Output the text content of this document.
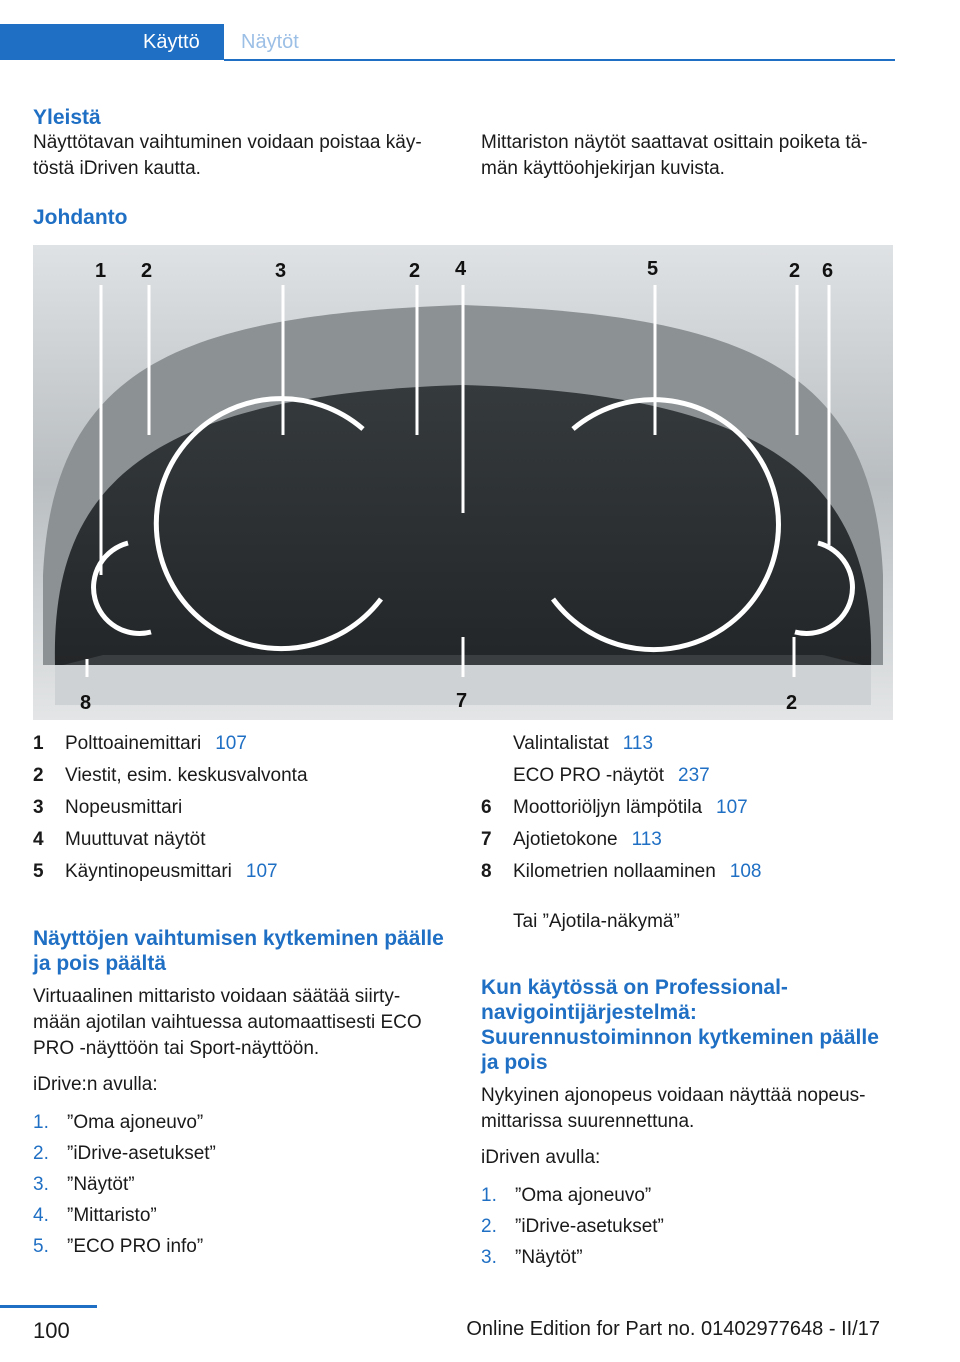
Käyttö	Näytöt
Yleistä
Näyttötavan vaihtuminen voidaan poistaa käy‐ töstä iDriven kautta.
Mittariston näytöt saattavat osittain poiketa tä‐ män käyttöohjekirjan kuvista.
Johdanto
1 2	3	2 4	5	2 6
8	7	2
1	Polttoainemittari 107
2	Viestit, esim. keskusvalvonta
3	Nopeusmittari
4	Muuttuvat näytöt
5	Käyntinopeusmittari 107
Valintalistat 113
ECO PRO -näytöt 237
6	Moottoriöljyn lämpötila 107
7	Ajotietokone 113
8	Kilometrien nollaaminen 108
Tai ”Ajotila-näkymä”
Näyttöjen vaihtumisen kytkeminen päälle ja pois päältä
Virtuaalinen mittaristo voidaan säätää siirty‐ mään ajotilan vaihtuessa automaattisesti ECO PRO -näyttöön tai Sport-näyttöön.
iDrive:n avulla:
1. ”Oma ajoneuvo”
2. ”iDrive-asetukset”
3. ”Näytöt”
4. ”Mittaristo”
5. ”ECO PRO info”
Kun käytössä on Professional-navigointijärjestelmä: Suurennustoiminnon kytkeminen päälle ja pois
Nykyinen ajonopeus voidaan näyttää nopeus‐ mittarissa suurennettuna.
iDriven avulla:
1. ”Oma ajoneuvo”
2. ”iDrive-asetukset”
3. ”Näytöt”
100	Online Edition for Part no. 01402977648 - II/17
